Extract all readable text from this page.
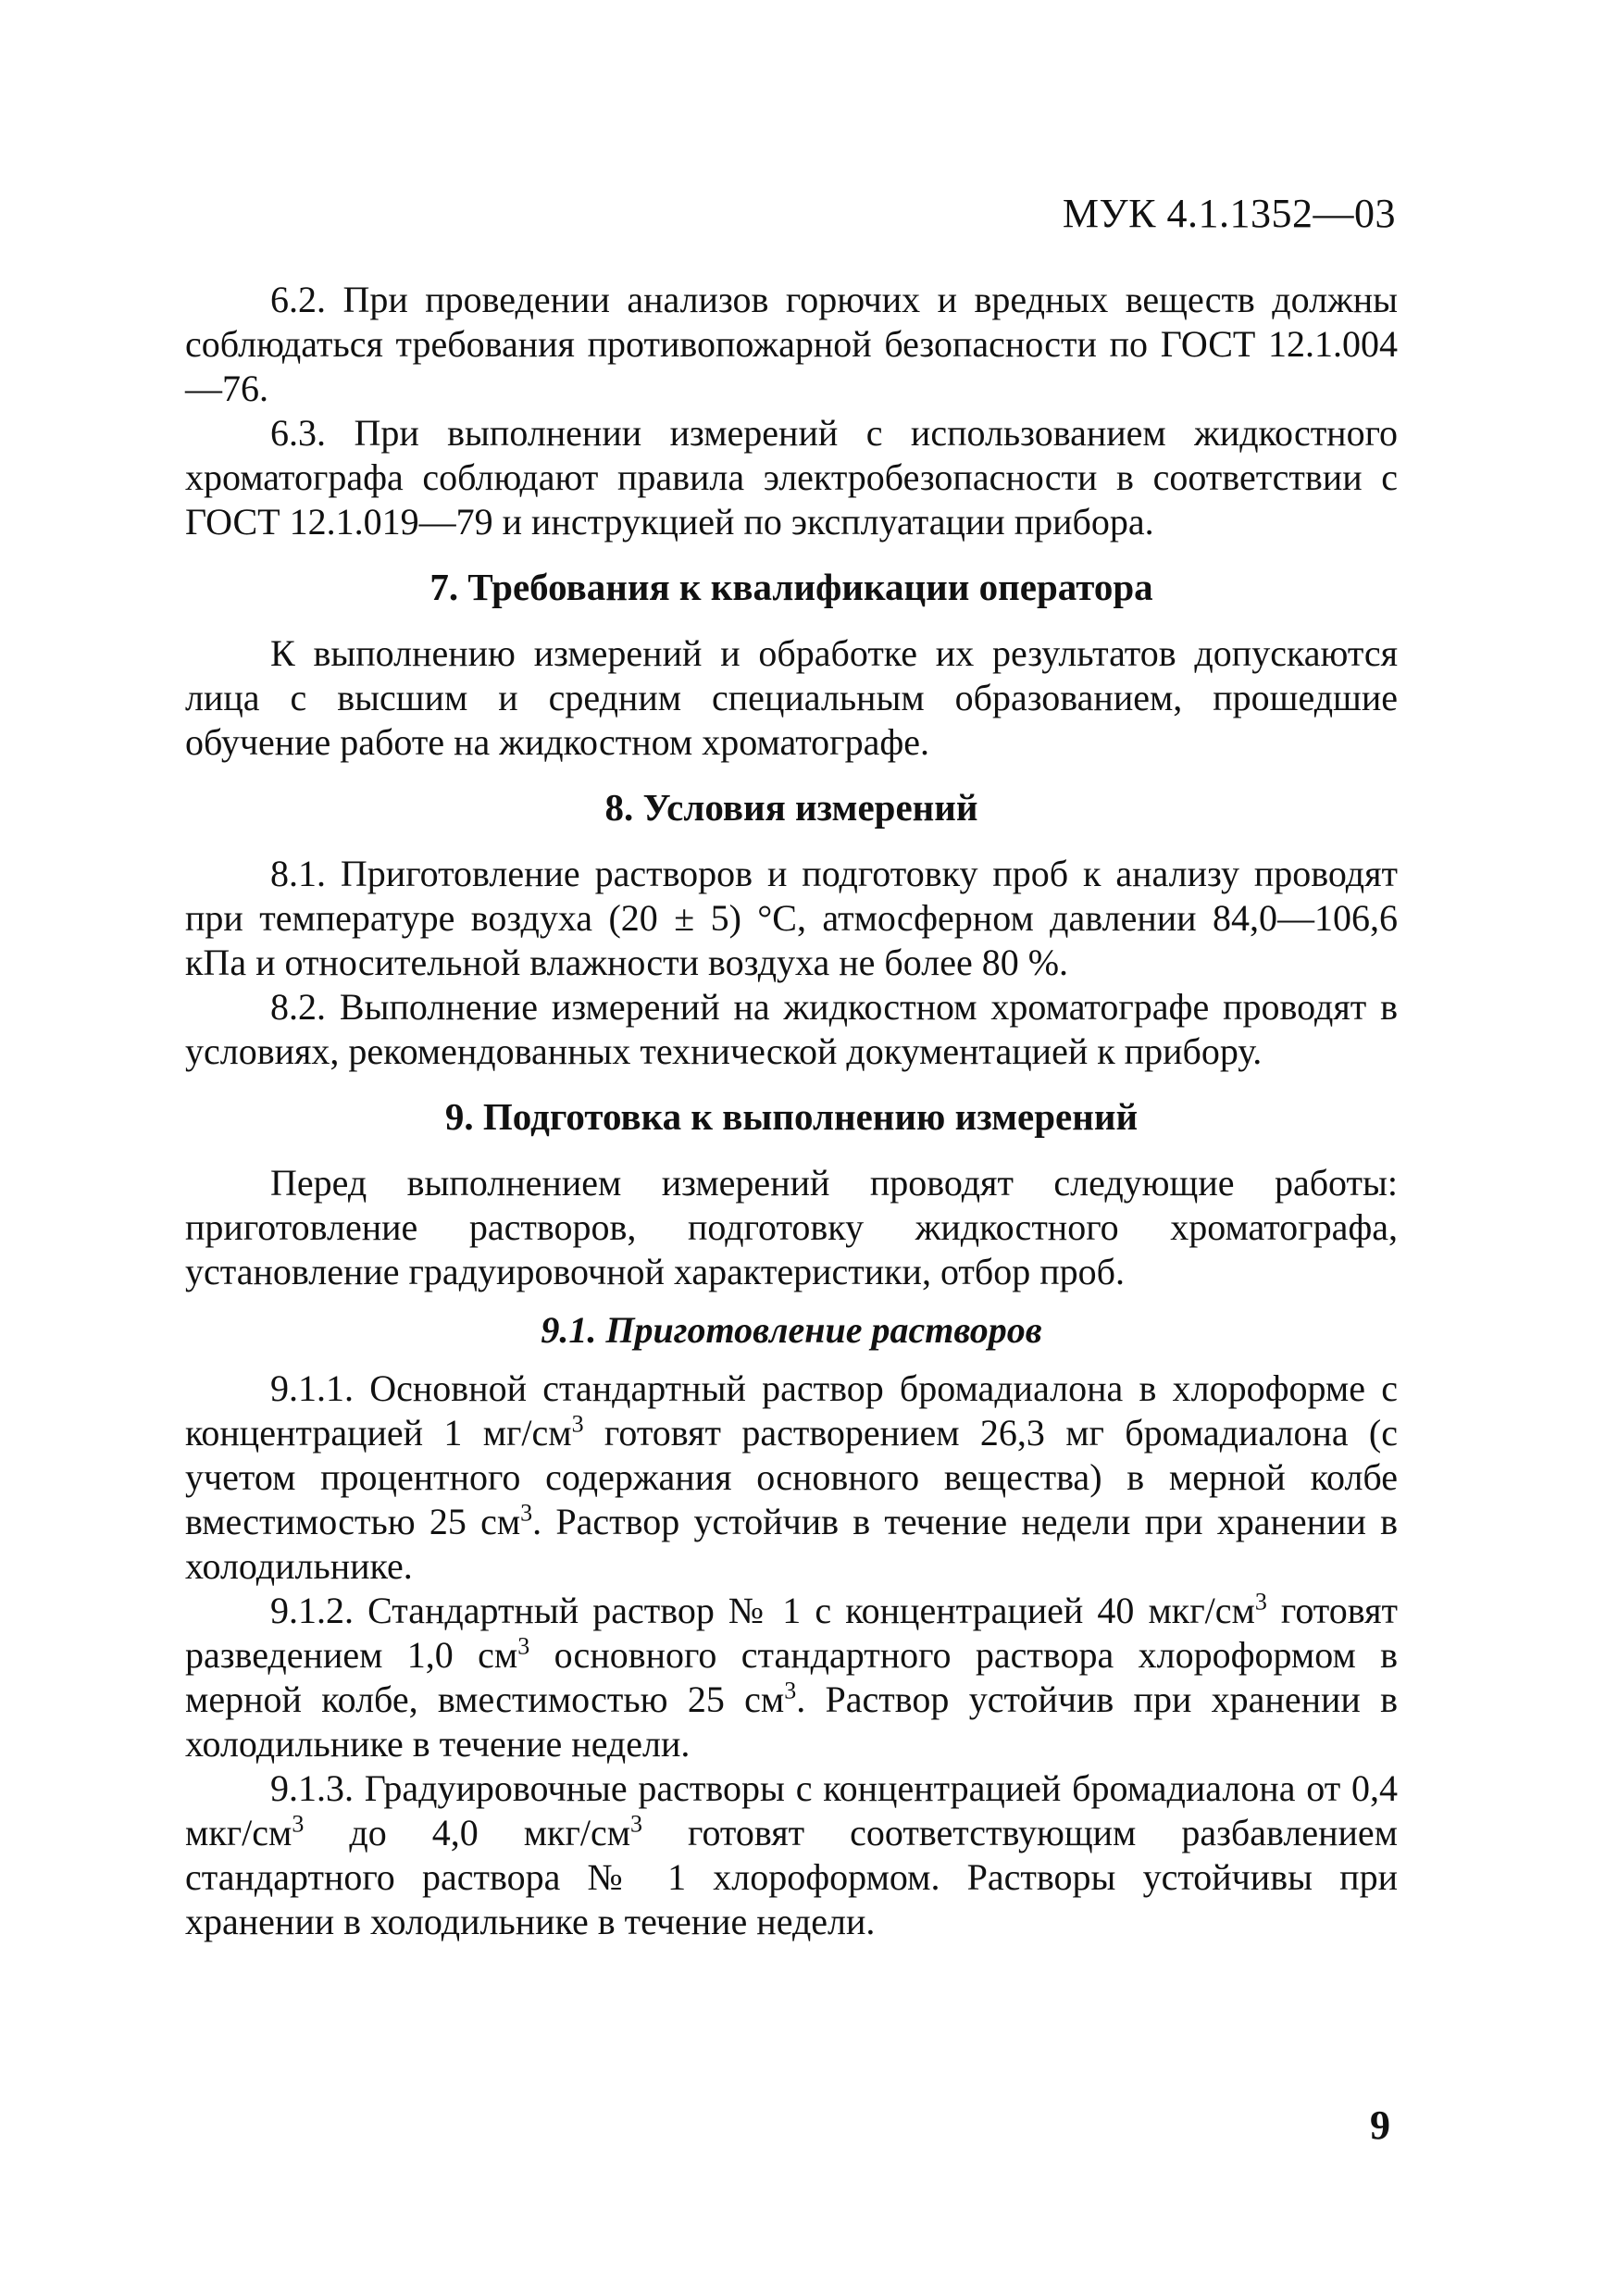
МУК 4.1.1352—03

6.2. При проведении анализов горючих и вредных веществ должны соблюдаться требования противопожарной безопасности по ГОСТ 12.1.004—76.

6.3. При выполнении измерений с использованием жидкостного хроматографа соблюдают правила электробезопасности в соответствии с ГОСТ 12.1.019—79 и инструкцией по эксплуатации прибора.

7. Требования к квалификации оператора

К выполнению измерений и обработке их результатов допускаются лица с высшим и средним специальным образованием, прошедшие обучение работе на жидкостном хроматографе.

8. Условия измерений

8.1. Приготовление растворов и подготовку проб к анализу проводят при температуре воздуха (20 ± 5) °C, атмосферном давлении 84,0—106,6 кПа и относительной влажности воздуха не более 80 %.

8.2. Выполнение измерений на жидкостном хроматографе проводят в условиях, рекомендованных технической документацией к прибору.

9. Подготовка к выполнению измерений

Перед выполнением измерений проводят следующие работы: приготовление растворов, подготовку жидкостного хроматографа, установление градуировочной характеристики, отбор проб.

9.1. Приготовление растворов

9.1.1. Основной стандартный раствор бромадиалона в хлороформе с концентрацией 1 $мг/см^3$ готовят растворением 26,3 мг бромадиалона (с учетом процентного содержания основного вещества) в мерной колбе вместимостью 25 $см^3$. Раствор устойчив в течение недели при хранении в холодильнике.

9.1.2. Стандартный раствор № 1 с концентрацией 40 мкг/$см^3$ готовят разведением 1,0 $см^3$ основного стандартного раствора хлороформом в мерной колбе, вместимостью 25 $см^3$. Раствор устойчив при хранении в холодильнике в течение недели.

9.1.3. Градуировочные растворы с концентрацией бромадиалона от 0,4 мкг/$см^3$ до 4,0 мкг/$см^3$ готовят соответствующим разбавлением стандартного раствора № 1 хлороформом. Растворы устойчивы при хранении в холодильнике в течение недели.

9
